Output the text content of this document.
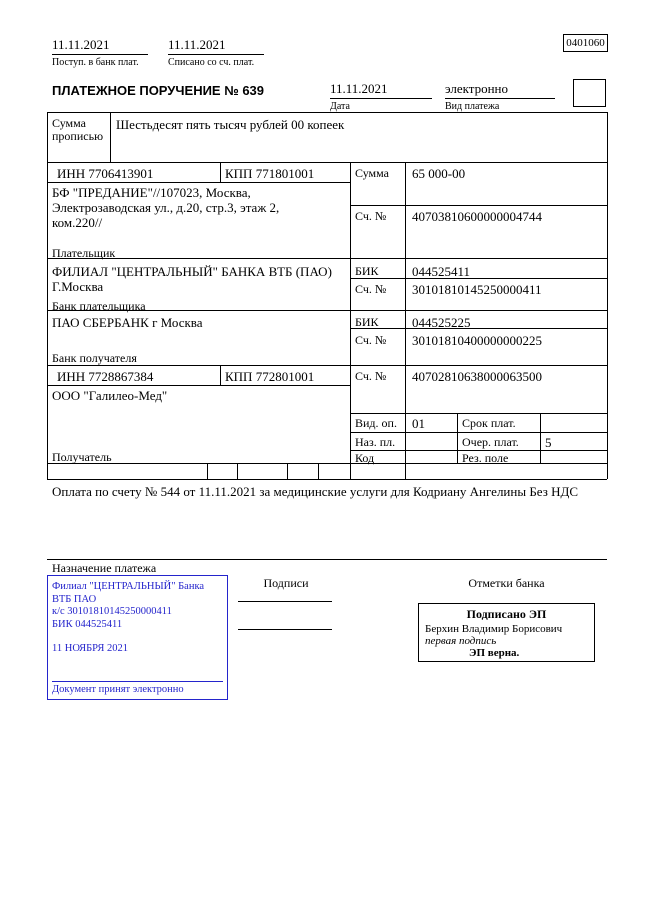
11.11.2021
Поступ. в банк плат.
11.11.2021
Списано со сч. плат.
0401060
ПЛАТЕЖНОЕ ПОРУЧЕНИЕ № 639	11.11.2021
Дата
электронно
Вид платежа
Сумма прописью
Шестьдесят пять тысяч рублей 00 копеек
ИНН 7706413901	КПП 771801001	Сумма 65 000-00
БФ "ПРЕДАНИЕ"//107023, Москва, Электрозаводская ул., д.20, стр.3, этаж 2, ком.220//	Сч. № 40703810600000004744
Плательщик
ФИЛИАЛ "ЦЕНТРАЛЬНЫЙ" БАНКА ВТБ (ПАО) Г.Москва
БИК	044525411
Сч. № 30101810145250000411
Банк плательщика
ПАО СБЕРБАНК г Москва	БИК	044525225
Сч. № 30101810400000000225
Банк получателя
ИНН 7728867384	КПП 772801001	Сч. № 40702810638000063500
ООО "Галилео-Мед"
Получатель
Вид. оп. 01	Срок плат.
Наз. пл.	Очер. плат. 5
Код	Рез. поле
Оплата по счету № 544 от 11.11.2021 за медицинские услуги для Кодриану Ангелины Без НДС
Назначение платежа
Подписи	Отметки банка
Филиал "ЦЕНТРАЛЬНЫЙ" Банка
ВТБ ПАО
к/с 30101810145250000411
БИК 044525411
11 НОЯБРЯ 2021
Документ принят электронно
Подписано ЭП
Берхин Владимир Борисович
первая подпись
ЭП верна.
